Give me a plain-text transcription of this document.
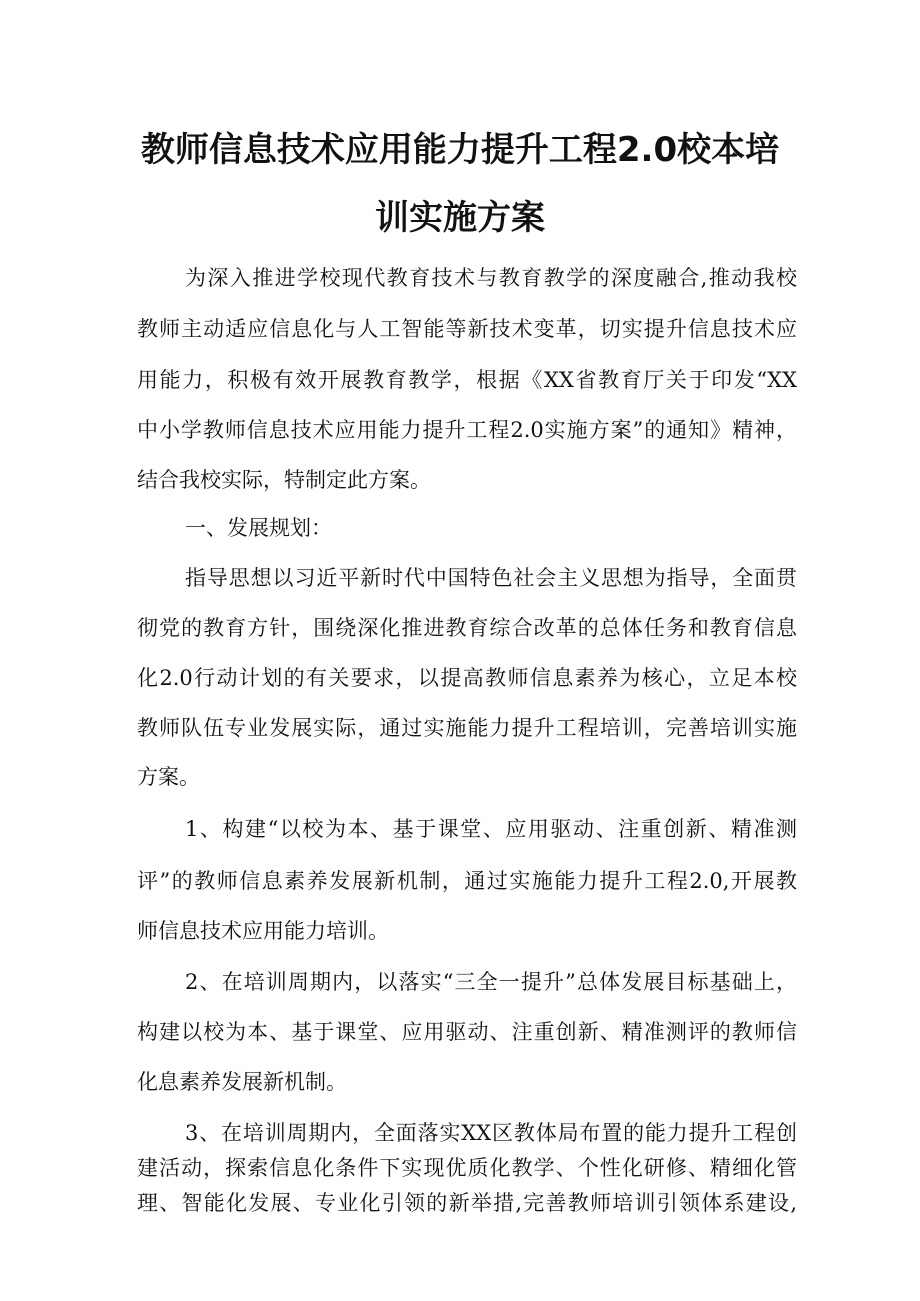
教师信息技术应用能力提升工程2.0校本培
训实施方案
为深入推进学校现代教育技术与教育教学的深度融合,推动我校
教师主动适应信息化与人工智能等新技术变革，切实提升信息技术应
用能力，积极有效开展教育教学，根据《XX省教育厅关于印发“XX
中小学教师信息技术应用能力提升工程2.0实施方案”的通知》精神，
结合我校实际，特制定此方案。
一、发展规划：
指导思想以习近平新时代中国特色社会主义思想为指导，全面贯
彻党的教育方针，围绕深化推进教育综合改革的总体任务和教育信息
化2.0行动计划的有关要求，以提高教师信息素养为核心，立足本校
教师队伍专业发展实际，通过实施能力提升工程培训，完善培训实施
方案。
1、构建“以校为本、基于课堂、应用驱动、注重创新、精准测
评”的教师信息素养发展新机制，通过实施能力提升工程2.0,开展教
师信息技术应用能力培训。
2、在培训周期内，以落实“三全一提升”总体发展目标基础上，
构建以校为本、基于课堂、应用驱动、注重创新、精准测评的教师信
化息素养发展新机制。
3、在培训周期内，全面落实XX区教体局布置的能力提升工程创
建活动，探索信息化条件下实现优质化教学、个性化研修、精细化管
理、智能化发展、专业化引领的新举措,完善教师培训引领体系建设,
